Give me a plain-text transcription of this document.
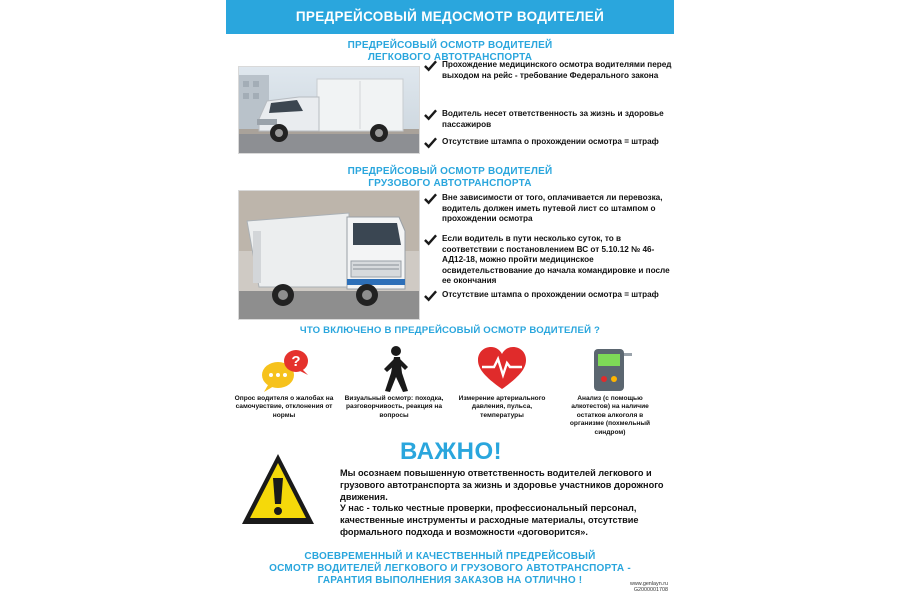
ПРЕДРЕЙСОВЫЙ МЕДОСМОТР ВОДИТЕЛЕЙ
ПРЕДРЕЙСОВЫЙ ОСМОТР ВОДИТЕЛЕЙ
ЛЕГКОВОГО АВТОТРАНСПОРТА
Прохождение медицинского осмотра водителями перед выходом на рейс - требование Федерального закона
Водитель несет ответственность за жизнь и здоровье пассажиров
Отсутствие штампа о прохождении осмотра = штраф
ПРЕДРЕЙСОВЫЙ ОСМОТР ВОДИТЕЛЕЙ
ГРУЗОВОГО АВТОТРАНСПОРТА
Вне зависимости от того, оплачивается ли перевозка, водитель должен иметь путевой лист со штампом о прохождении осмотра
Если водитель в пути несколько суток, то в соответствии с постановлением ВС от 5.10.12 № 46-АД12-18, можно пройти медицинское освидетельствование до начала командировке и после ее окончания
Отсутствие штампа о прохождении осмотра = штраф
ЧТО ВКЛЮЧЕНО В ПРЕДРЕЙСОВЫЙ ОСМОТР ВОДИТЕЛЕЙ ?
?
Опрос водителя о жалобах на самочувствие, отклонения от нормы
Визуальный осмотр: походка, разговорчивость, реакция на вопросы
Измерение артериального давления, пульса, температуры
Анализ (с помощью алкотестов) на наличие остатков алкоголя в организме (похмельный синдром)
ВАЖНО!

Мы осознаем повышенную ответственность водителей легкового и грузового автотранспорта за жизнь и здоровье участников дорожного движения.

У нас - только честные проверки, профессиональный персонал, качественные инструменты и расходные материалы, отсутствие формального подхода и возможности «договорится».

СВОЕВРЕМЕННЫЙ И КАЧЕСТВЕННЫЙ ПРЕДРЕЙСОВЫЙ
ОСМОТР ВОДИТЕЛЕЙ ЛЕГКОВОГО И ГРУЗОВОГО АВТОТРАНСПОРТА -
ГАРАНТИЯ ВЫПОЛНЕНИЯ ЗАКАЗОВ НА ОТЛИЧНО !	www.genlayn.ru
G2000001708
